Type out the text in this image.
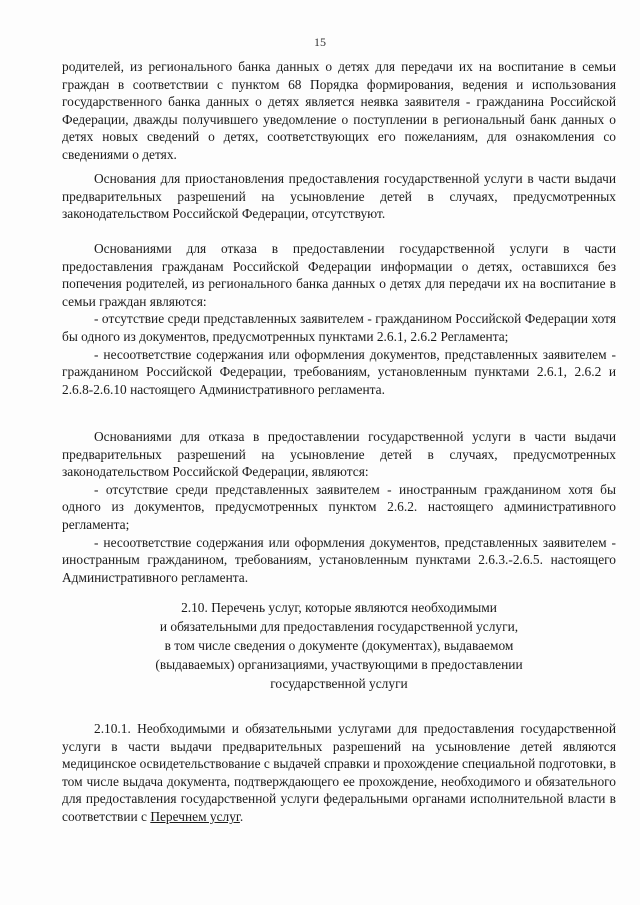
15

родителей, из регионального банка данных о детях для передачи их на воспитание в семьи граждан в соответствии с пунктом 68 Порядка формирования, ведения и использования государственного банка данных о детях является неявка заявителя - гражданина Российской Федерации, дважды получившего уведомление о поступлении в региональный банк данных о детях новых сведений о детях, соответствующих его пожеланиям, для ознакомления со сведениями о детях.

Основания для приостановления предоставления государственной услуги в части выдачи предварительных разрешений на усыновление детей в случаях, предусмотренных законодательством Российской Федерации, отсутствуют.

Основаниями для отказа в предоставлении государственной услуги в части предоставления гражданам Российской Федерации информации о детях, оставшихся без попечения родителей, из регионального банка данных о детях для передачи их на воспитание в семьи граждан являются:

- отсутствие среди представленных заявителем - гражданином Российской Федерации хотя бы одного из документов, предусмотренных пунктами 2.6.1, 2.6.2 Регламента;

- несоответствие содержания или оформления документов, представленных заявителем - гражданином Российской Федерации, требованиям, установленным пунктами 2.6.1, 2.6.2 и 2.6.8-2.6.10 настоящего Административного регламента.

Основаниями для отказа в предоставлении государственной услуги в части выдачи предварительных разрешений на усыновление детей в случаях, предусмотренных законодательством Российской Федерации, являются:

- отсутствие среди представленных заявителем - иностранным гражданином хотя бы одного из документов, предусмотренных пунктом 2.6.2. настоящего административного регламента;

- несоответствие содержания или оформления документов, представленных заявителем - иностранным гражданином, требованиям, установленным пунктами 2.6.3.-2.6.5. настоящего Административного регламента.

2.10. Перечень услуг, которые являются необходимыми
и обязательными для предоставления государственной услуги,
в том числе сведения о документе (документах), выдаваемом
(выдаваемых) организациями, участвующими в предоставлении
государственной услуги

2.10.1. Необходимыми и обязательными услугами для предоставления государственной услуги в части выдачи предварительных разрешений на усыновление детей являются медицинское освидетельствование с выдачей справки и прохождение специальной подготовки, в том числе выдача документа, подтверждающего ее прохождение, необходимого и обязательного для предоставления государственной услуги федеральными органами исполнительной власти в соответствии с Перечнем услуг.
